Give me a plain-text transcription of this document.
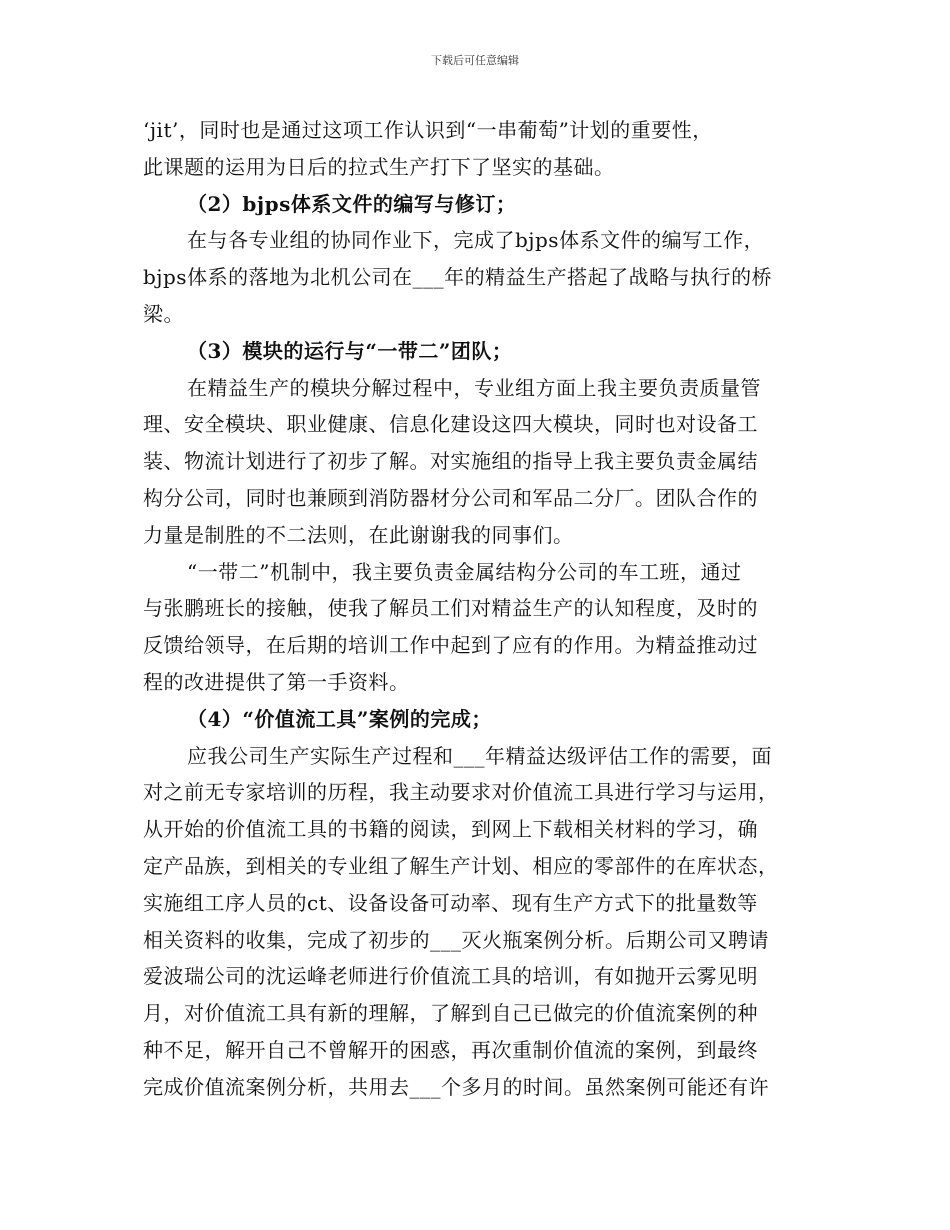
下载后可任意编辑
‘jit’，同时也是通过这项工作认识到“一串葡萄”计划的重要性，
此课题的运用为日后的拉式生产打下了坚实的基础。
（2）bjps体系文件的编写与修订；
在与各专业组的协同作业下，完成了bjps体系文件的编写工作，
bjps体系的落地为北机公司在___年的精益生产搭起了战略与执行的桥
梁。
（3）模块的运行与“一带二”团队；
在精益生产的模块分解过程中，专业组方面上我主要负责质量管
理、安全模块、职业健康、信息化建设这四大模块，同时也对设备工
装、物流计划进行了初步了解。对实施组的指导上我主要负责金属结
构分公司，同时也兼顾到消防器材分公司和军品二分厂。团队合作的
力量是制胜的不二法则，在此谢谢我的同事们。
“一带二”机制中，我主要负责金属结构分公司的车工班，通过
与张鹏班长的接触，使我了解员工们对精益生产的认知程度，及时的
反馈给领导，在后期的培训工作中起到了应有的作用。为精益推动过
程的改进提供了第一手资料。
（4）“价值流工具”案例的完成；
应我公司生产实际生产过程和___年精益达级评估工作的需要，面
对之前无专家培训的历程，我主动要求对价值流工具进行学习与运用，
从开始的价值流工具的书籍的阅读，到网上下载相关材料的学习，确
定产品族，到相关的专业组了解生产计划、相应的零部件的在库状态，
实施组工序人员的ct、设备设备可动率、现有生产方式下的批量数等
相关资料的收集，完成了初步的___灭火瓶案例分析。后期公司又聘请
爱波瑞公司的沈运峰老师进行价值流工具的培训，有如抛开云雾见明
月，对价值流工具有新的理解，了解到自己已做完的价值流案例的种
种不足，解开自己不曾解开的困惑，再次重制价值流的案例，到最终
完成价值流案例分析，共用去___个多月的时间。虽然案例可能还有许
